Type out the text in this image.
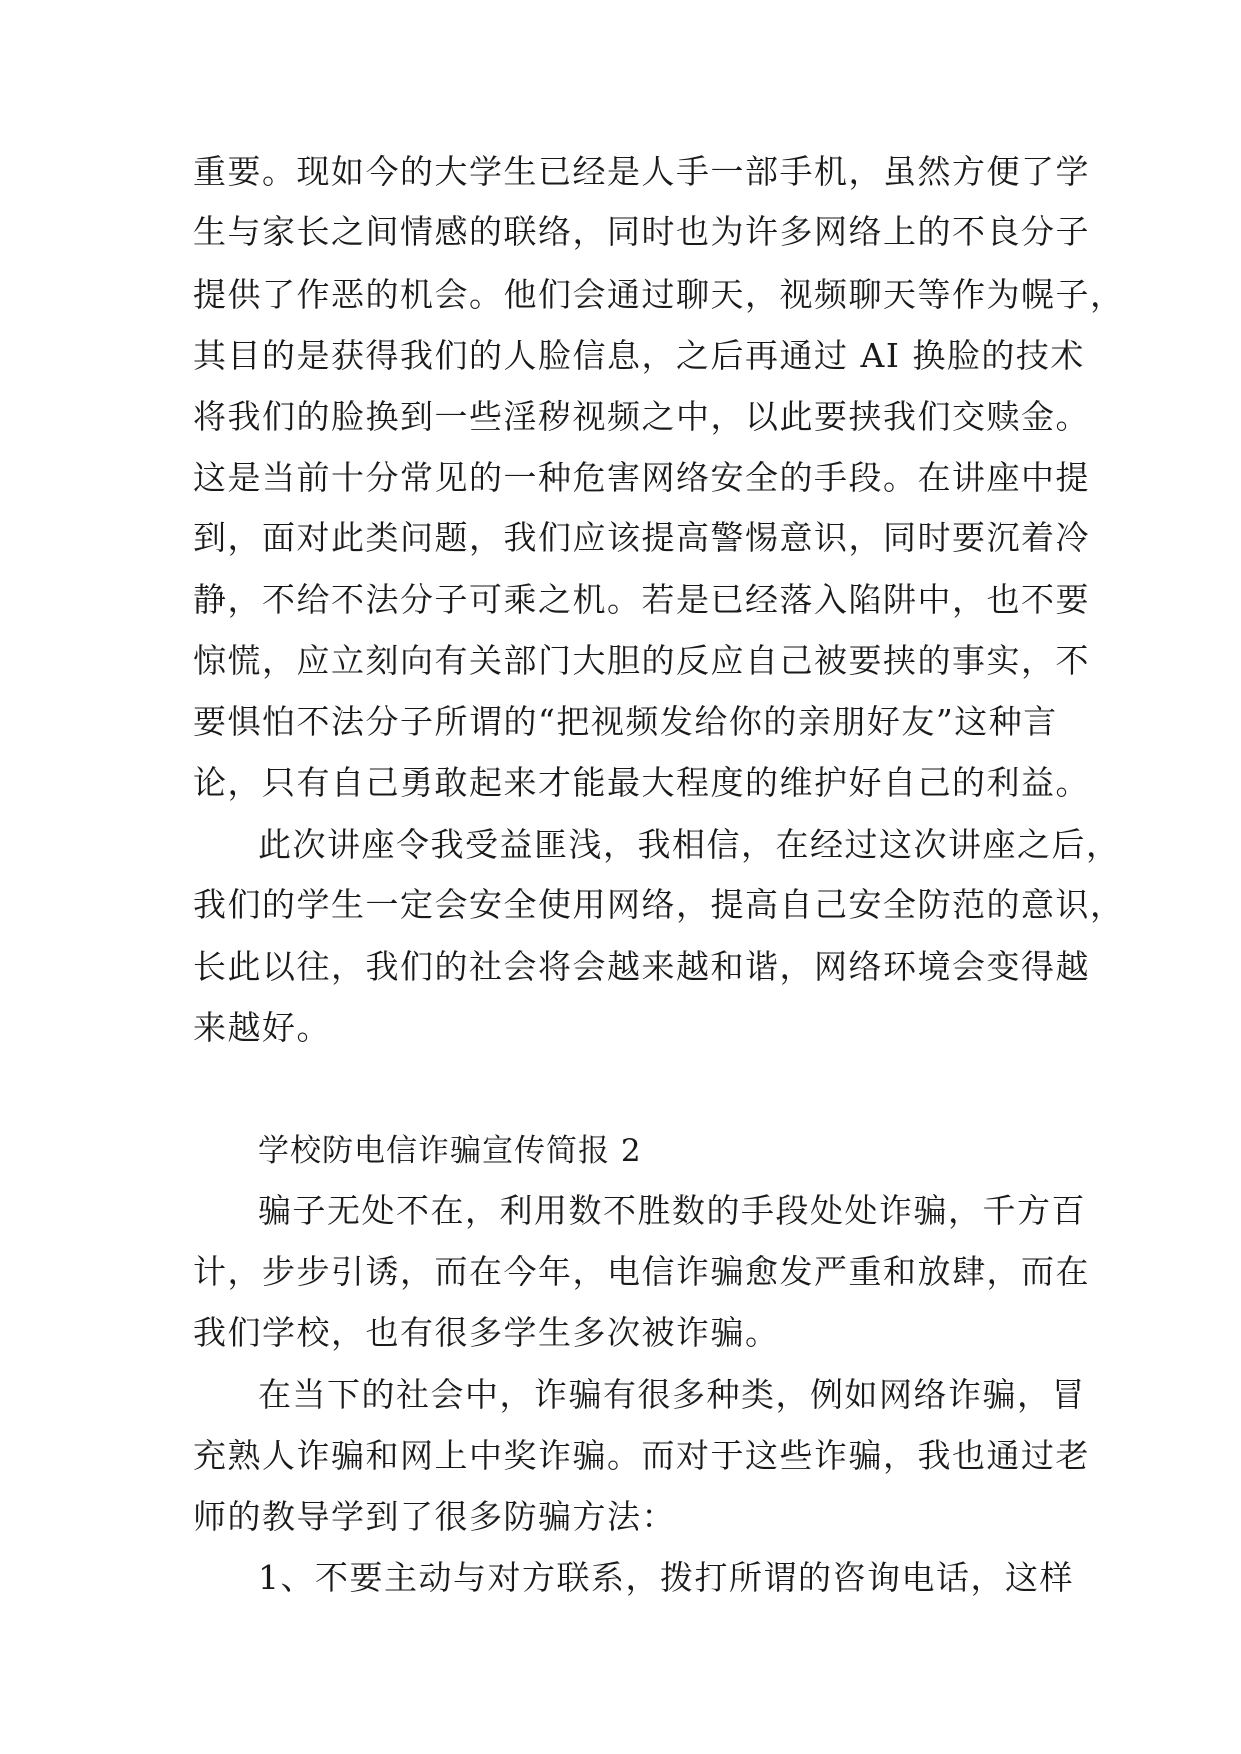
重要。现如今的大学生已经是人手一部手机，虽然方便了学
生与家长之间情感的联络，同时也为许多网络上的不良分子
提供了作恶的机会。他们会通过聊天，视频聊天等作为幌子，
其目的是获得我们的人脸信息，之后再通过 AI 换脸的技术
将我们的脸换到一些淫秽视频之中，以此要挟我们交赎金。
这是当前十分常见的一种危害网络安全的手段。在讲座中提
到，面对此类问题，我们应该提高警惕意识，同时要沉着冷
静，不给不法分子可乘之机。若是已经落入陷阱中，也不要
惊慌，应立刻向有关部门大胆的反应自己被要挟的事实，不
要惧怕不法分子所谓的“把视频发给你的亲朋好友”这种言
论，只有自己勇敢起来才能最大程度的维护好自己的利益。
此次讲座令我受益匪浅，我相信，在经过这次讲座之后，
我们的学生一定会安全使用网络，提高自己安全防范的意识，
长此以往，我们的社会将会越来越和谐，网络环境会变得越
来越好。
学校防电信诈骗宣传简报 2
骗子无处不在，利用数不胜数的手段处处诈骗，千方百
计，步步引诱，而在今年，电信诈骗愈发严重和放肆，而在
我们学校，也有很多学生多次被诈骗。
在当下的社会中，诈骗有很多种类，例如网络诈骗，冒
充熟人诈骗和网上中奖诈骗。而对于这些诈骗，我也通过老
师的教导学到了很多防骗方法：
1、不要主动与对方联系，拨打所谓的咨询电话，这样
